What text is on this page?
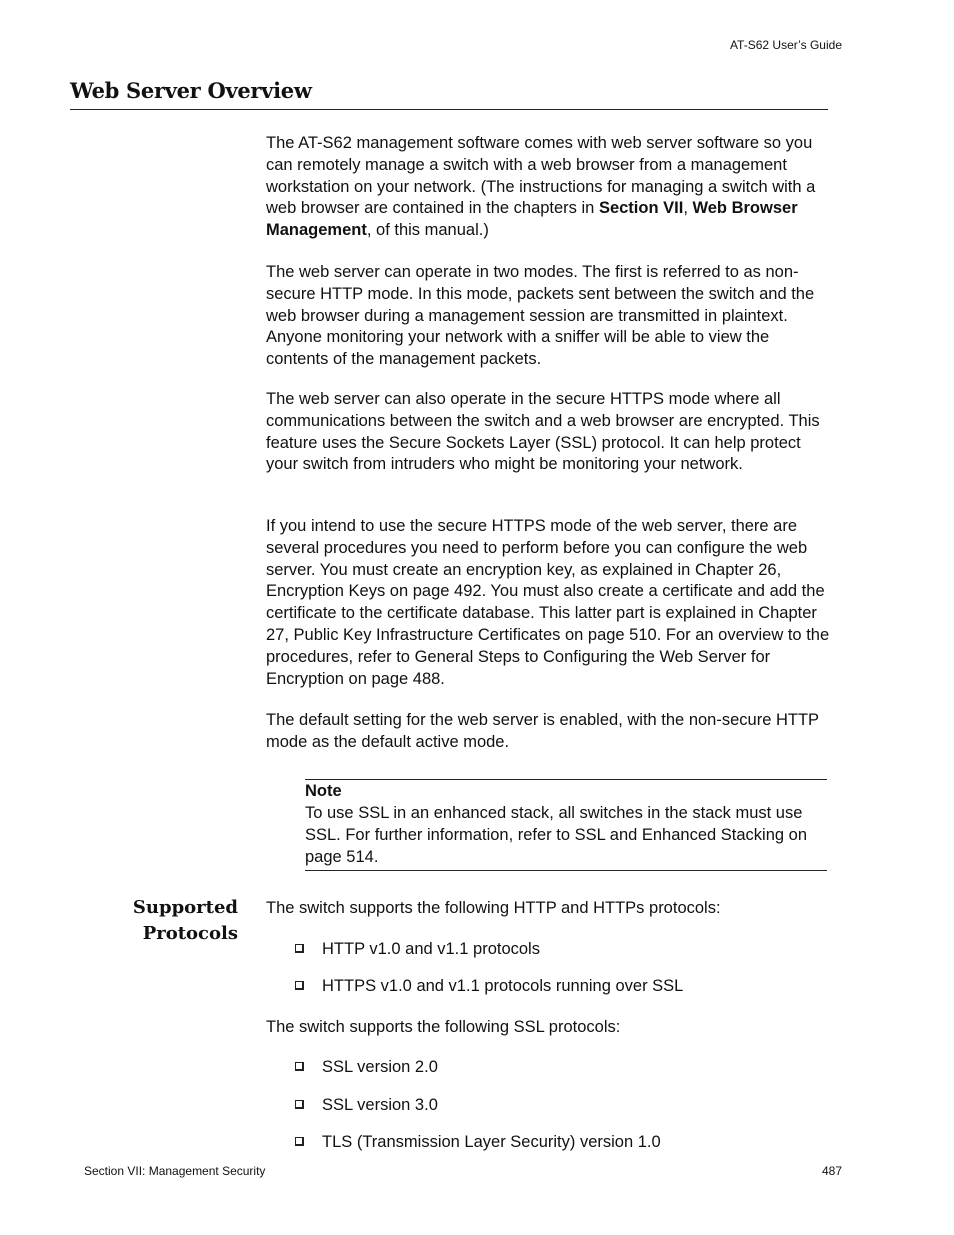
AT-S62 User’s Guide
Web Server Overview

The AT-S62 management software comes with web server software so you can remotely manage a switch with a web browser from a management workstation on your network. (The instructions for managing a switch with a web browser are contained in the chapters in Section VII, Web Browser Management, of this manual.)

The web server can operate in two modes. The first is referred to as non-secure HTTP mode. In this mode, packets sent between the switch and the web browser during a management session are transmitted in plaintext. Anyone monitoring your network with a sniffer will be able to view the contents of the management packets.

The web server can also operate in the secure HTTPS mode where all communications between the switch and a web browser are encrypted. This feature uses the Secure Sockets Layer (SSL) protocol. It can help protect your switch from intruders who might be monitoring your network.

If you intend to use the secure HTTPS mode of the web server, there are several procedures you need to perform before you can configure the web server. You must create an encryption key, as explained in Chapter 26, Encryption Keys on page 492. You must also create a certificate and add the certificate to the certificate database. This latter part is explained in Chapter 27, Public Key Infrastructure Certificates on page 510. For an overview to the procedures, refer to General Steps to Configuring the Web Server for Encryption on page 488.

The default setting for the web server is enabled, with the non-secure HTTP mode as the default active mode.

Note
To use SSL in an enhanced stack, all switches in the stack must use SSL. For further information, refer to SSL and Enhanced Stacking on page 514.
Supported
Protocols
The switch supports the following HTTP and HTTPs protocols:
HTTP v1.0 and v1.1 protocols
HTTPS v1.0 and v1.1 protocols running over SSL
The switch supports the following SSL protocols:
SSL version 2.0
SSL version 3.0
TLS (Transmission Layer Security) version 1.0
Section VII: Management Security	487
